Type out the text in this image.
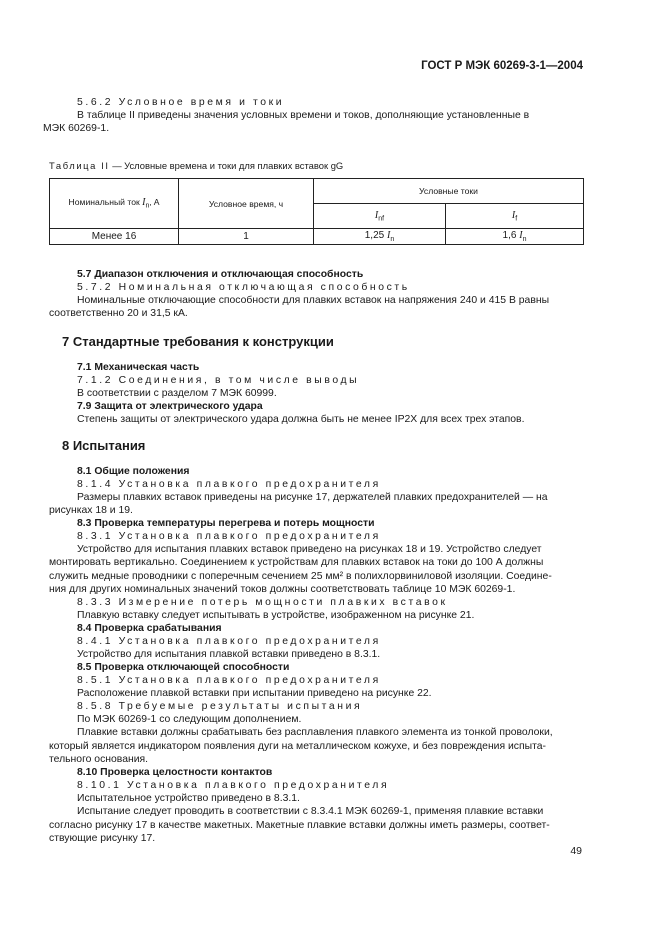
ГОСТ Р МЭК 60269-3-1—2004
5.6.2 Условное время и токи
В таблице II приведены значения условных времени и токов, дополняющие установленные в
МЭК 60269-1.
Таблица II — Условные времена и токи для плавких вставок gG
Номинальный ток $I_n$, A	Условное время, ч	Условные токи	
		$I_{nf}$	$I_f$
Менее 16	1	1,25 $I_n$	1,6 $I_n$
5.7 Диапазон отключения и отключающая способность
5.7.2 Номинальная отключающая способность
Номинальные отключающие способности для плавких вставок на напряжения 240 и 415 В равны
соответственно 20 и 31,5 кА.
7 Стандартные требования к конструкции
7.1 Механическая часть
7.1.2 Соединения, в том числе выводы
В соответствии с разделом 7 МЭК 60999.
7.9 Защита от электрического удара
Степень защиты от электрического удара должна быть не менее IP2X для всех трех этапов.
8 Испытания
8.1 Общие положения
8.1.4 Установка плавкого предохранителя
Размеры плавких вставок приведены на рисунке 17, держателей плавких предохранителей — на
рисунках 18 и 19.
8.3 Проверка температуры перегрева и потерь мощности
8.3.1 Установка плавкого предохранителя
Устройство для испытания плавких вставок приведено на рисунках 18 и 19. Устройство следует
монтировать вертикально. Соединением к устройствам для плавких вставок на токи до 100 А должны
служить медные проводники с поперечным сечением 25 мм² в полихлорвиниловой изоляции. Соедине-
ния для других номинальных значений токов должны соответствовать таблице 10 МЭК 60269-1.
8.3.3 Измерение потерь мощности плавких вставок
Плавкую вставку следует испытывать в устройстве, изображенном на рисунке 21.
8.4 Проверка срабатывания
8.4.1 Установка плавкого предохранителя
Устройство для испытания плавкой вставки приведено в 8.3.1.
8.5 Проверка отключающей способности
8.5.1 Установка плавкого предохранителя
Расположение плавкой вставки при испытании приведено на рисунке 22.
8.5.8 Требуемые результаты испытания
По МЭК 60269-1 со следующим дополнением.
Плавкие вставки должны срабатывать без расплавления плавкого элемента из тонкой проволоки,
который является индикатором появления дуги на металлическом кожухе, и без повреждения испыта-
тельного основания.
8.10 Проверка целостности контактов
8.10.1 Установка плавкого предохранителя
Испытательное устройство приведено в 8.3.1.
Испытание следует проводить в соответствии с 8.3.4.1 МЭК 60269-1, применяя плавкие вставки
согласно рисунку 17 в качестве макетных. Макетные плавкие вставки должны иметь размеры, соответ-
ствующие рисунку 17.
49
